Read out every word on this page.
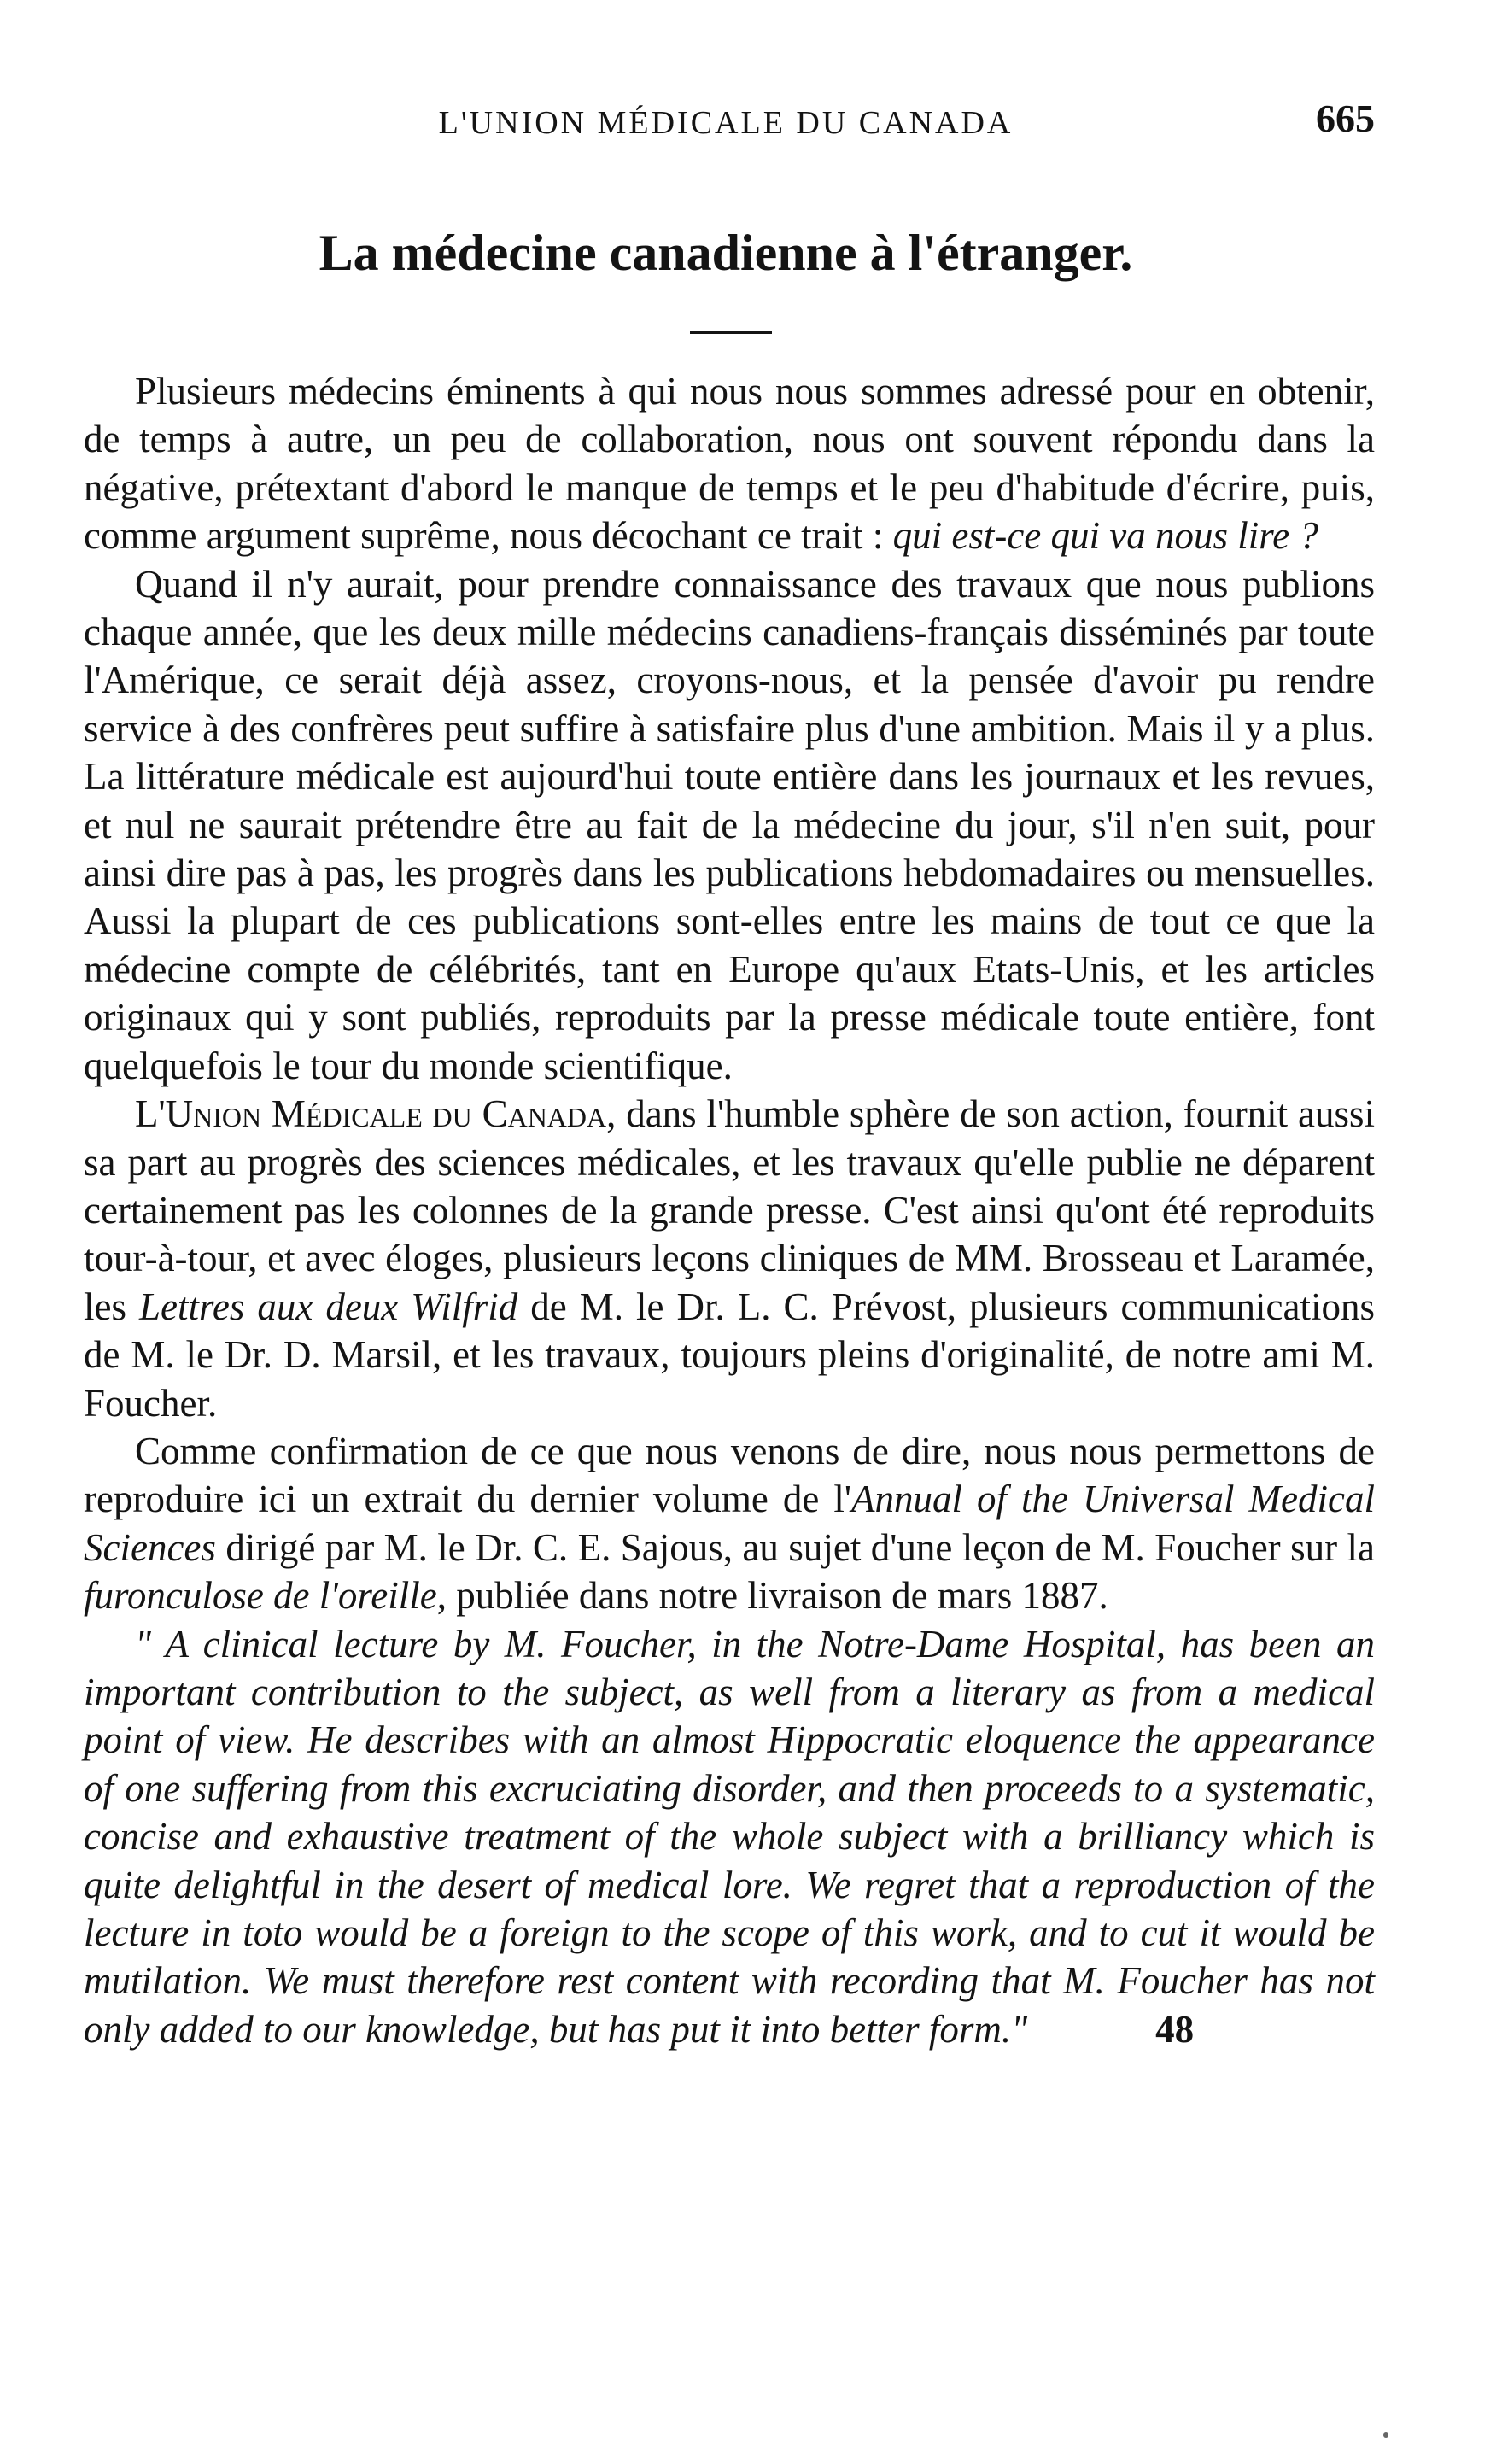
L'UNION MÉDICALE DU CANADA	665
La médecine canadienne à l'étranger.

Plusieurs médecins éminents à qui nous nous sommes adressé pour en obtenir, de temps à autre, un peu de collaboration, nous ont souvent répondu dans la négative, prétextant d'abord le manque de temps et le peu d'habitude d'écrire, puis, comme argument suprême, nous décochant ce trait : qui est-ce qui va nous lire ?

Quand il n'y aurait, pour prendre connaissance des travaux que nous publions chaque année, que les deux mille médecins canadiens-français disséminés par toute l'Amérique, ce serait déjà assez, croyons-nous, et la pensée d'avoir pu rendre service à des confrères peut suffire à satisfaire plus d'une ambition. Mais il y a plus. La littérature médicale est aujourd'hui toute entière dans les journaux et les revues, et nul ne saurait prétendre être au fait de la médecine du jour, s'il n'en suit, pour ainsi dire pas à pas, les progrès dans les publications hebdomadaires ou mensuelles. Aussi la plupart de ces publications sont-elles entre les mains de tout ce que la médecine compte de célébrités, tant en Europe qu'aux Etats-Unis, et les articles originaux qui y sont publiés, reproduits par la presse médicale toute entière, font quelquefois le tour du monde scientifique.

L'Union Médicale du Canada, dans l'humble sphère de son action, fournit aussi sa part au progrès des sciences médicales, et les travaux qu'elle publie ne déparent certainement pas les colonnes de la grande presse. C'est ainsi qu'ont été reproduits tour-à-tour, et avec éloges, plusieurs leçons cliniques de MM. Brosseau et Laramée, les Lettres aux deux Wilfrid de M. le Dr. L. C. Prévost, plusieurs communications de M. le Dr. D. Marsil, et les travaux, toujours pleins d'originalité, de notre ami M. Foucher.

Comme confirmation de ce que nous venons de dire, nous nous permettons de reproduire ici un extrait du dernier volume de l'Annual of the Universal Medical Sciences dirigé par M. le Dr. C. E. Sajous, au sujet d'une leçon de M. Foucher sur la furonculose de l'oreille, publiée dans notre livraison de mars 1887.

" A clinical lecture by M. Foucher, in the Notre-Dame Hospital, has been an important contribution to the subject, as well from a literary as from a medical point of view. He describes with an almost Hippocratic eloquence the appearance of one suffering from this excruciating disorder, and then proceeds to a systematic, concise and exhaustive treatment of the whole subject with a brilliancy which is quite delightful in the desert of medical lore. We regret that a reproduction of the lecture in toto would be a foreign to the scope of this work, and to cut it would be mutilation. We must therefore rest content with recording that M. Foucher has not only added to our knowledge, but has put it into better form."	48
